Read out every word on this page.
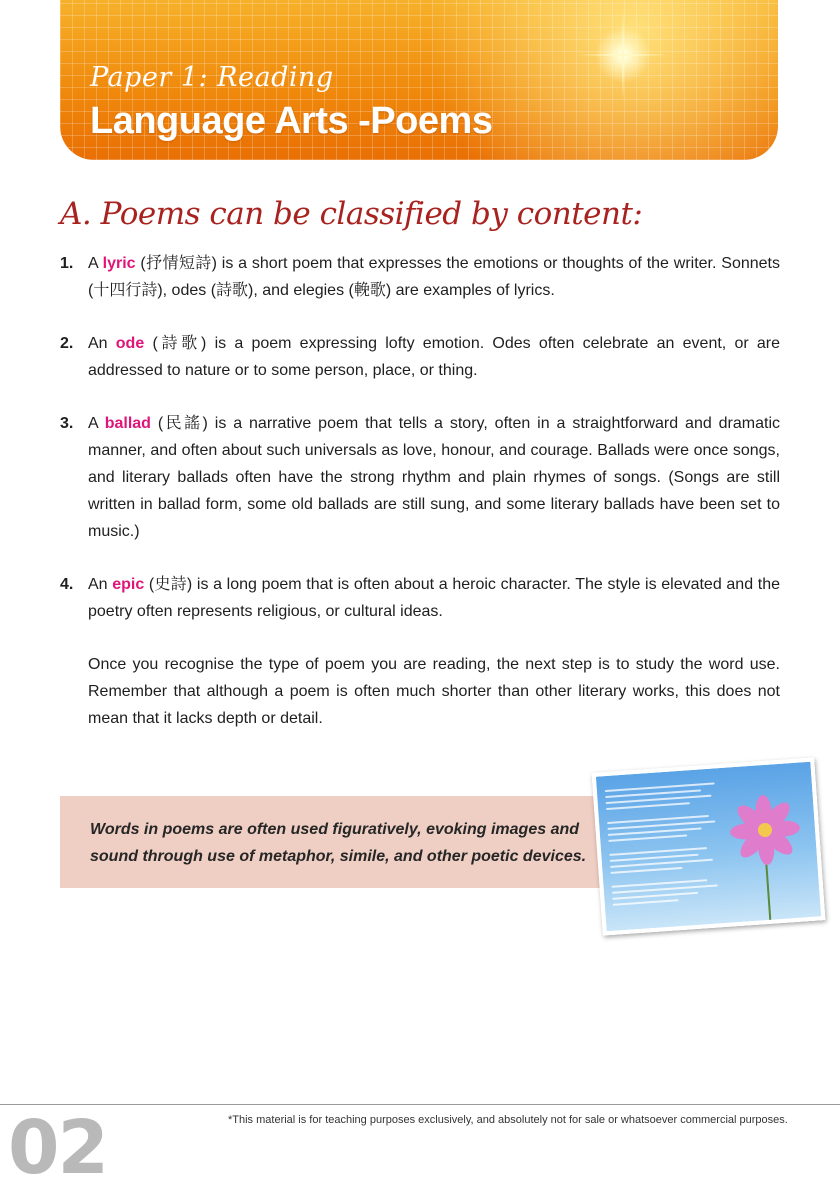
Paper 1: Reading
Language Arts -Poems
A. Poems can be classified by content:
1. A lyric (抒情短詩) is a short poem that expresses the emotions or thoughts of the writer. Sonnets (十四行詩), odes (詩歌), and elegies (輓歌) are examples of lyrics.
2. An ode (詩歌) is a poem expressing lofty emotion. Odes often celebrate an event, or are addressed to nature or to some person, place, or thing.
3. A ballad (民謠) is a narrative poem that tells a story, often in a straightforward and dramatic manner, and often about such universals as love, honour, and courage. Ballads were once songs, and literary ballads often have the strong rhythm and plain rhymes of songs. (Songs are still written in ballad form, some old ballads are still sung, and some literary ballads have been set to music.)
4. An epic (史詩) is a long poem that is often about a heroic character. The style is elevated and the poetry often represents religious, or cultural ideas.
Once you recognise the type of poem you are reading, the next step is to study the word use. Remember that although a poem is often much shorter than other literary works, this does not mean that it lacks depth or detail.
Words in poems are often used figuratively, evoking images and sound through use of metaphor, simile, and other poetic devices.
02	*This material is for teaching purposes exclusively, and absolutely not for sale or whatsoever commercial purposes.
